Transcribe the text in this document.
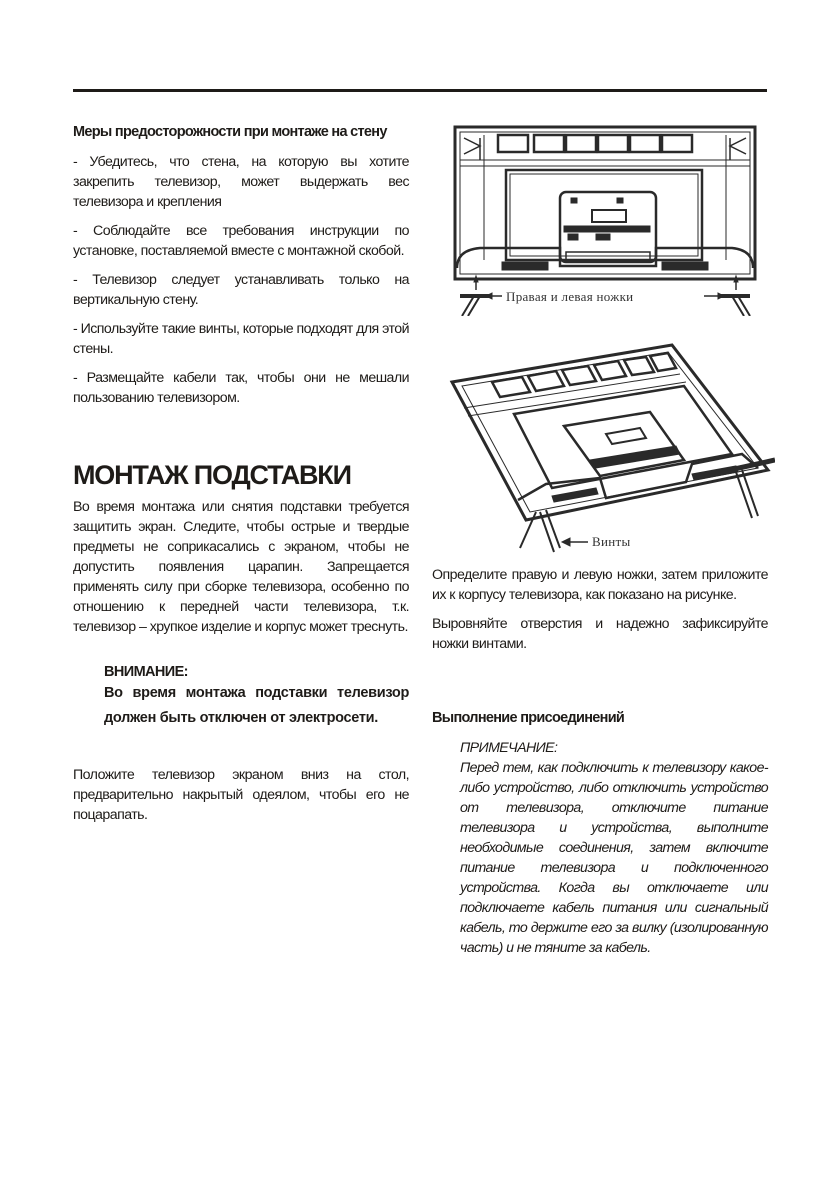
Меры предосторожности при монтаже на стену

- Убедитесь, что стена, на которую вы хотите закрепить телевизор, может выдержать вес телевизора и крепления

- Соблюдайте все требования инструкции по установке, поставляемой вместе с монтажной скобой.

- Телевизор следует устанавливать только на вертикальную стену.

- Используйте такие винты, которые подходят для этой стены.

- Размещайте кабели так, чтобы они не мешали пользованию телевизором.

МОНТАЖ ПОДСТАВКИ

Во время монтажа или снятия подставки требуется защитить экран. Следите, чтобы острые и твердые предметы не соприкасались с экраном, чтобы не допустить появления царапин. Запрещается применять силу при сборке телевизора, особенно по отношению к передней части телевизора, т.к. телевизор – хрупкое изделие и корпус может треснуть.

ВНИМАНИЕ:
Во время монтажа подставки телевизор должен быть отключен от электросети.

Положите телевизор экраном вниз на стол, предварительно накрытый одеялом, чтобы его не поцарапать.

Правая и левая ножки
Винты

Определите правую и левую ножки, затем приложите их к корпусу телевизора, как показано на рисунке.

Выровняйте отверстия и надежно зафиксируйте ножки винтами.

Выполнение присоединений

ПРИМЕЧАНИЕ:

Перед тем, как подключить к телевизору какое-либо устройство, либо отключить устройство от телевизора, отключите питание телевизора и устройства, выполните необходимые соединения, затем включите питание телевизора и подключенного устройства. Когда вы отключаете или подключаете кабель питания или сигнальный кабель, то держите его за вилку (изолированную часть) и не тяните за кабель.
